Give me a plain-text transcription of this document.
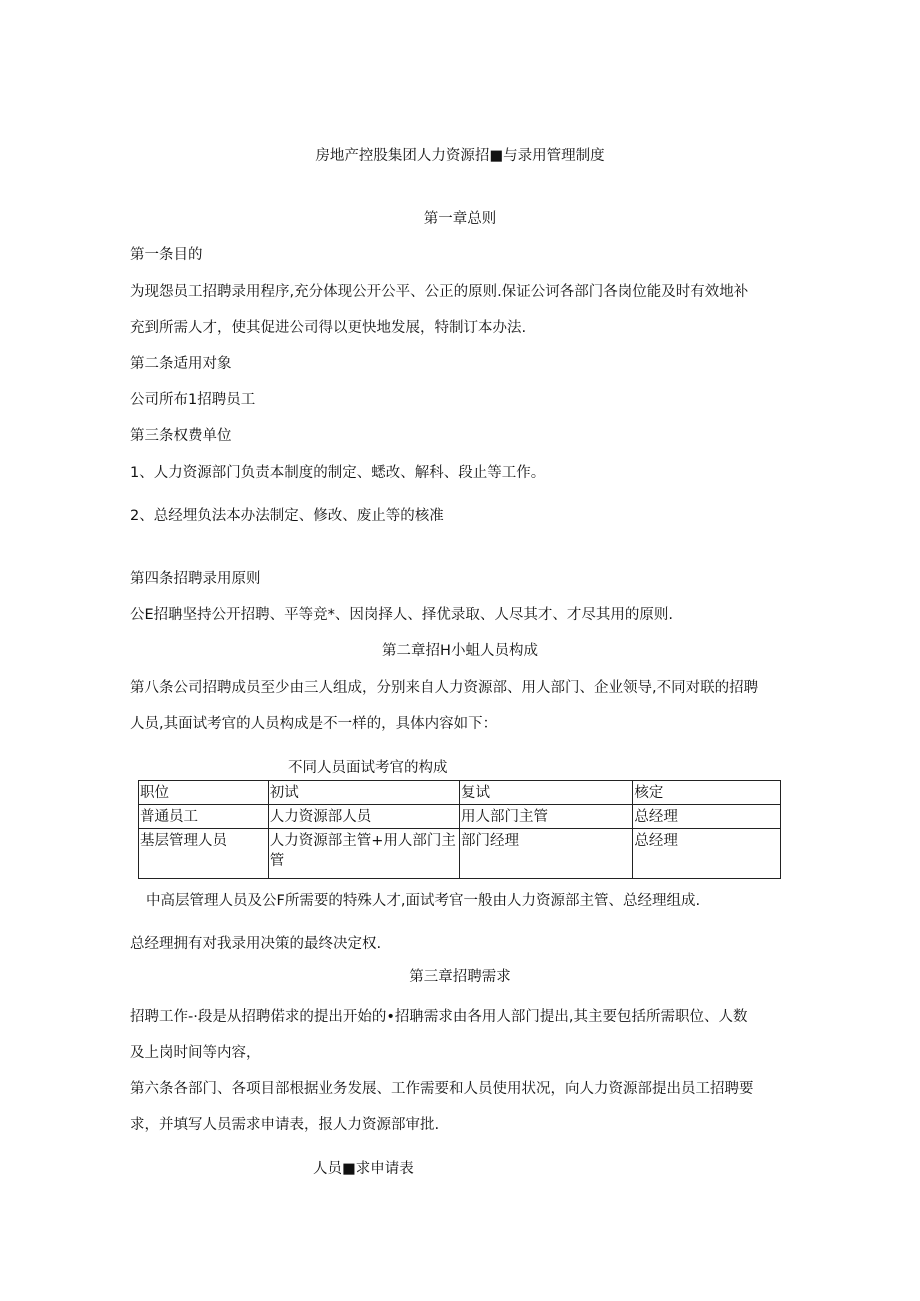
房地产控股集团人力资源招■与录用管理制度
第一章总则
第一条目的
为现怨员工招聘录用程序,充分体现公开公平、公正的原则.保证公诃各部门各岗位能及时有效地补
充到所需人才，使其促进公司得以更快地发展，特制订本办法.
第二条适用对象
公司所布1招聘员工
第三条权费单位
1、人力资源部门负责本制度的制定、蟋改、解科、段止等工作。
2、总经埋负法本办法制定、修改、废止等的核准
第四条招聘录用原则
公E招聃坚持公开招聘、平等竞*、因岗择人、择优录取、人尽其才、才尽其用的原则.
第二章招H小蛆人员构成
第八条公司招聘成员至少由三人组成，分别来自人力资源部、用人部门、企业领导,不同对联的招聘
人员,其面试考官的人员构成是不一样的，具体内容如下：
不同人员面试考官的构成
职位	初试	复试	核定
普通员工	人力资源部人员	用人部门主管	总经理
基层管理人员	人力资源部主管+用人部门主管	部门经理	总经理
中高层管理人员及公F所需要的特殊人才,面试考官一般由人力资源部主管、总经理组成.
总经理拥有对我录用决策的最终决定权.
第三章招聘需求
招聘工作-·段是从招聘偌求的提出开始的•招聃需求由各用人部门提出,其主要包括所需职位、人数
及上岗时间等内容，
第六条各部门、各项目部根据业务发展、工作需要和人员使用状况，向人力资源部提出员工招聘要
求，并填写人员需求申请表，报人力资源部审批.
人员■求申请表
